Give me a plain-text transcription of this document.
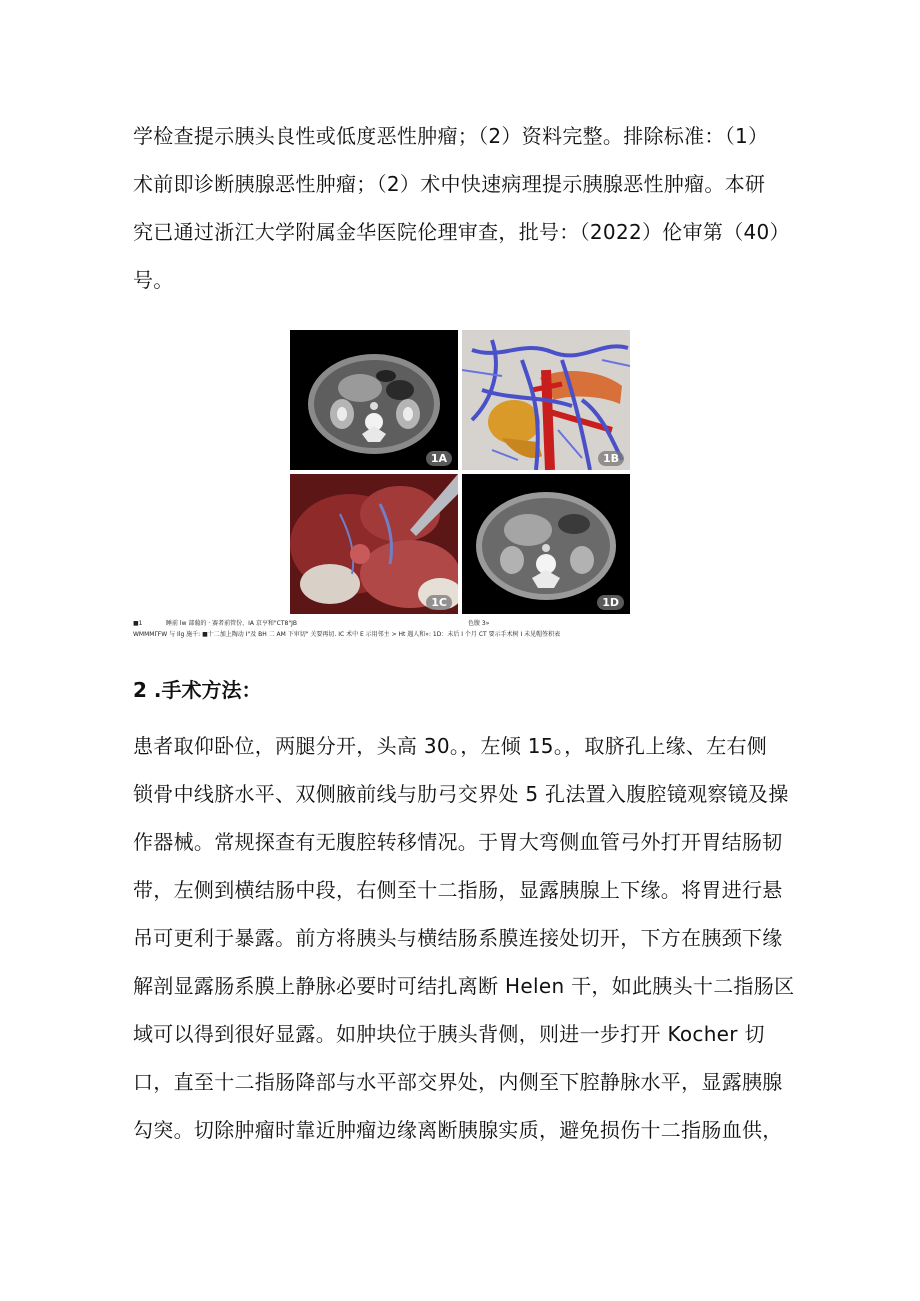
学检查提示胰头良性或低度恶性肿瘤；（2）资料完整。排除标准：（1）
术前即诊断胰腺恶性肿瘤；（2）术中快速病理提示胰腺恶性肿瘤。本研
究已通过浙江大学附属金华医院伦理审查，批号：（2022）伦审第（40）
号。
1A	1B
1C	1D
■1	睡前 lw 部葡的 · 赛者前管份、IA 京亨和"CT8"JB	色腹 3»
WMMMΓFW 与 Ilg 施千: ■十二加上陶动 I"及 BH 二 AM 下审切" 关要再切. IC 术中 E 示用邻主 > Ht 遇人和»: 1D：未后 I 个月 CT 要示手术树 I 未见帽签积表
2 .手术方法：
患者取仰卧位，两腿分开，头高 30。，左倾 15。，取脐孔上缘、左右侧
锁骨中线脐水平、双侧腋前线与肋弓交界处 5 孔法置入腹腔镜观察镜及操
作器械。常规探查有无腹腔转移情况。于胃大弯侧血管弓外打开胃结肠韧
带，左侧到横结肠中段，右侧至十二指肠，显露胰腺上下缘。将胃进行悬
吊可更利于暴露。前方将胰头与横结肠系膜连接处切开，下方在胰颈下缘
解剖显露肠系膜上静脉必要时可结扎离断 Helen 干，如此胰头十二指肠区
域可以得到很好显露。如肿块位于胰头背侧，则进一步打开 Kocher 切
口，直至十二指肠降部与水平部交界处，内侧至下腔静脉水平，显露胰腺
勾突。切除肿瘤时靠近肿瘤边缘离断胰腺实质，避免损伤十二指肠血供，
